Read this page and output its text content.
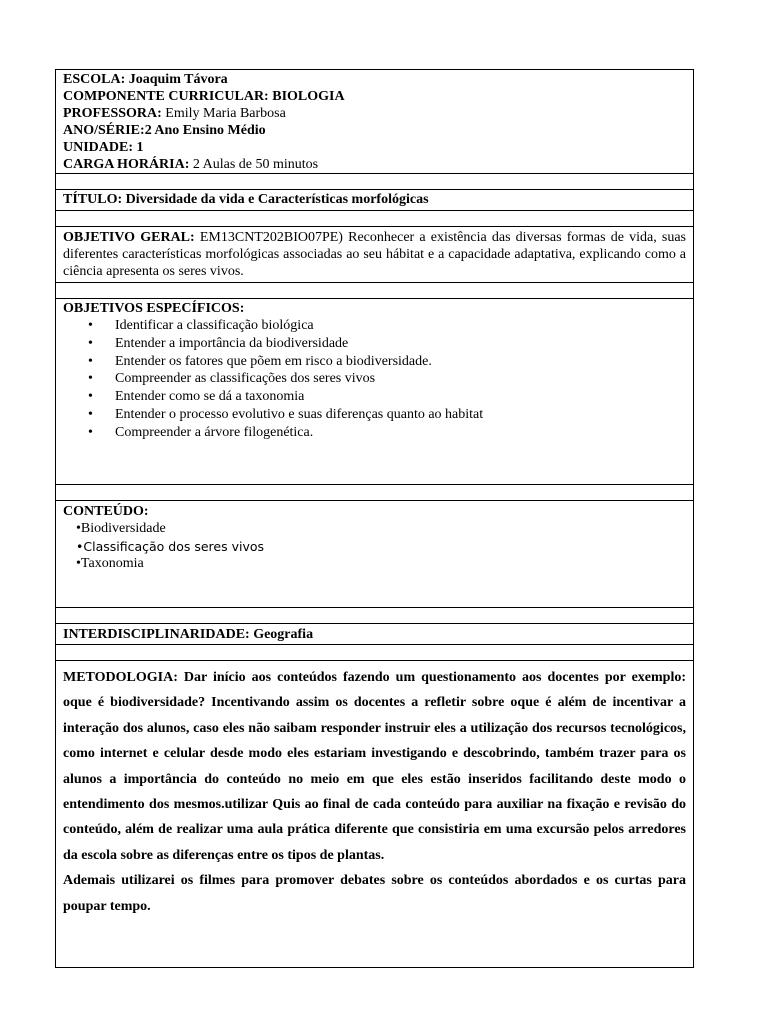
ESCOLA: Joaquim Távora
COMPONENTE CURRICULAR: BIOLOGIA
PROFESSORA: Emily Maria Barbosa
ANO/SÉRIE:2 Ano Ensino Médio
UNIDADE: 1
CARGA HORÁRIA: 2 Aulas de 50 minutos

TÍTULO: Diversidade da vida e Características morfológicas

OBJETIVO GERAL: EM13CNT202BIO07PE) Reconhecer a existência das diversas formas de vida, suas diferentes características morfológicas associadas ao seu hábitat e a capacidade adaptativa, explicando como a ciência apresenta os seres vivos.

OBJETIVOS ESPECÍFICOS:
• Identificar a classificação biológica
• Entender a importância da biodiversidade
• Entender os fatores que põem em risco a biodiversidade.
• Compreender as classificações dos seres vivos
• Entender como se dá a taxonomia
• Entender o processo evolutivo e suas diferenças quanto ao habitat
• Compreender a árvore filogenética.

CONTEÚDO:
•Biodiversidade
•Classificação dos seres vivos
•Taxonomia

INTERDISCIPLINARIDADE: Geografia

METODOLOGIA: Dar início aos conteúdos fazendo um questionamento aos docentes por exemplo: oque é biodiversidade? Incentivando assim os docentes a refletir sobre oque é além de incentivar a interação dos alunos, caso eles não saibam responder instruir eles a utilização dos recursos tecnológicos, como internet e celular desde modo eles estariam investigando e descobrindo, também trazer para os alunos a importância do conteúdo no meio em que eles estão inseridos facilitando deste modo o entendimento dos mesmos.utilizar Quis ao final de cada conteúdo para auxiliar na fixação e revisão do conteúdo, além de realizar uma aula prática diferente que consistiria em uma excursão pelos arredores da escola sobre as diferenças entre os tipos de plantas.
Ademais utilizarei os filmes para promover debates sobre os conteúdos abordados e os curtas para poupar tempo.
